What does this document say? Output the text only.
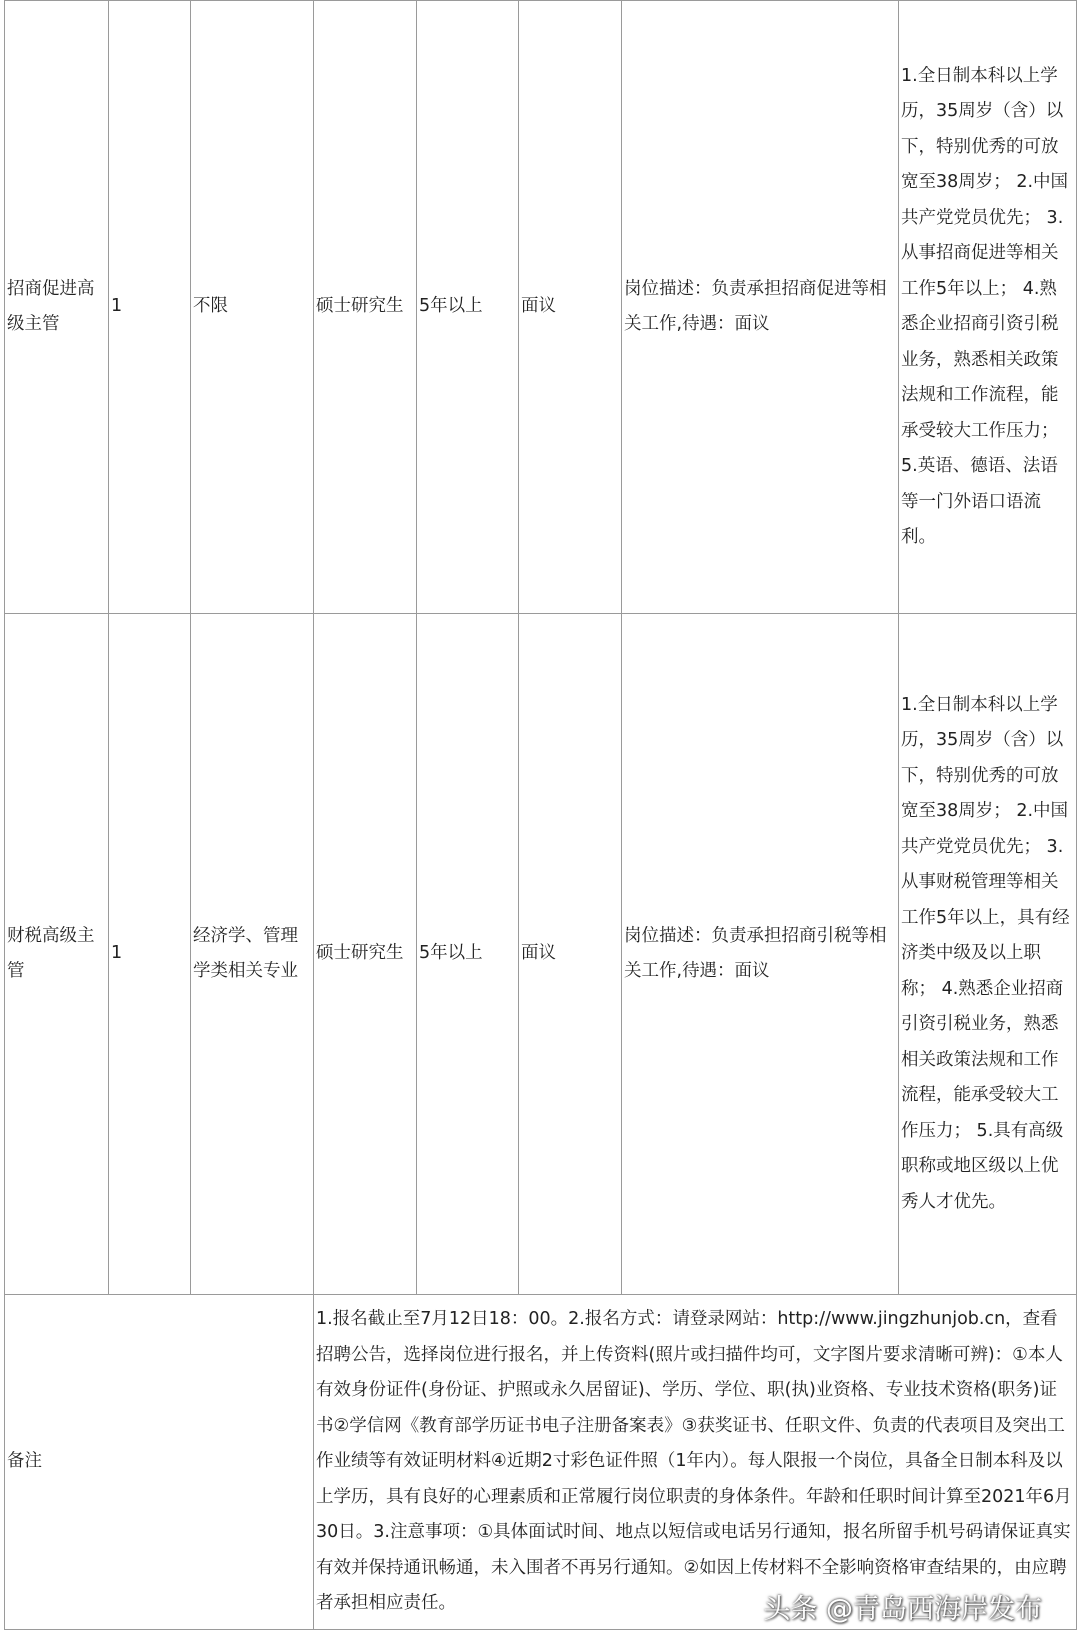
招商促进高级主管	1	不限	硕士研究生	5年以上	面议	岗位描述：负责承担招商促进等相关工作,待遇：面议	1.全日制本科以上学历，35周岁（含）以下，特别优秀的可放宽至38周岁； 2.中国共产党党员优先； 3.从事招商促进等相关工作5年以上； 4.熟悉企业招商引资引税业务，熟悉相关政策法规和工作流程，能承受较大工作压力； 5.英语、德语、法语等一门外语口语流利。
财税高级主管	1	经济学、管理学类相关专业	硕士研究生	5年以上	面议	岗位描述：负责承担招商引税等相关工作,待遇：面议	1.全日制本科以上学历，35周岁（含）以下，特别优秀的可放宽至38周岁； 2.中国共产党党员优先； 3.从事财税管理等相关工作5年以上，具有经济类中级及以上职称； 4.熟悉企业招商引资引税业务，熟悉相关政策法规和工作流程，能承受较大工作压力； 5.具有高级职称或地区级以上优秀人才优先。
备注			1.报名截止至7月12日18：00。2.报名方式：请登录网站：http://www.jingzhunjob.cn，查看招聘公告，选择岗位进行报名，并上传资料(照片或扫描件均可，文字图片要求清晰可辨)：①本人有效身份证件(身份证、护照或永久居留证)、学历、学位、职(执)业资格、专业技术资格(职务)证书②学信网《教育部学历证书电子注册备案表》③获奖证书、任职文件、负责的代表项目及突出工作业绩等有效证明材料④近期2寸彩色证件照（1年内）。每人限报一个岗位，具备全日制本科及以上学历，具有良好的心理素质和正常履行岗位职责的身体条件。年龄和任职时间计算至2021年6月30日。3.注意事项：①具体面试时间、地点以短信或电话另行通知，报名所留手机号码请保证真实有效并保持通讯畅通，未入围者不再另行通知。②如因上传材料不全影响资格审查结果的，由应聘者承担相应责任。					头条 @青岛西海岸发布
